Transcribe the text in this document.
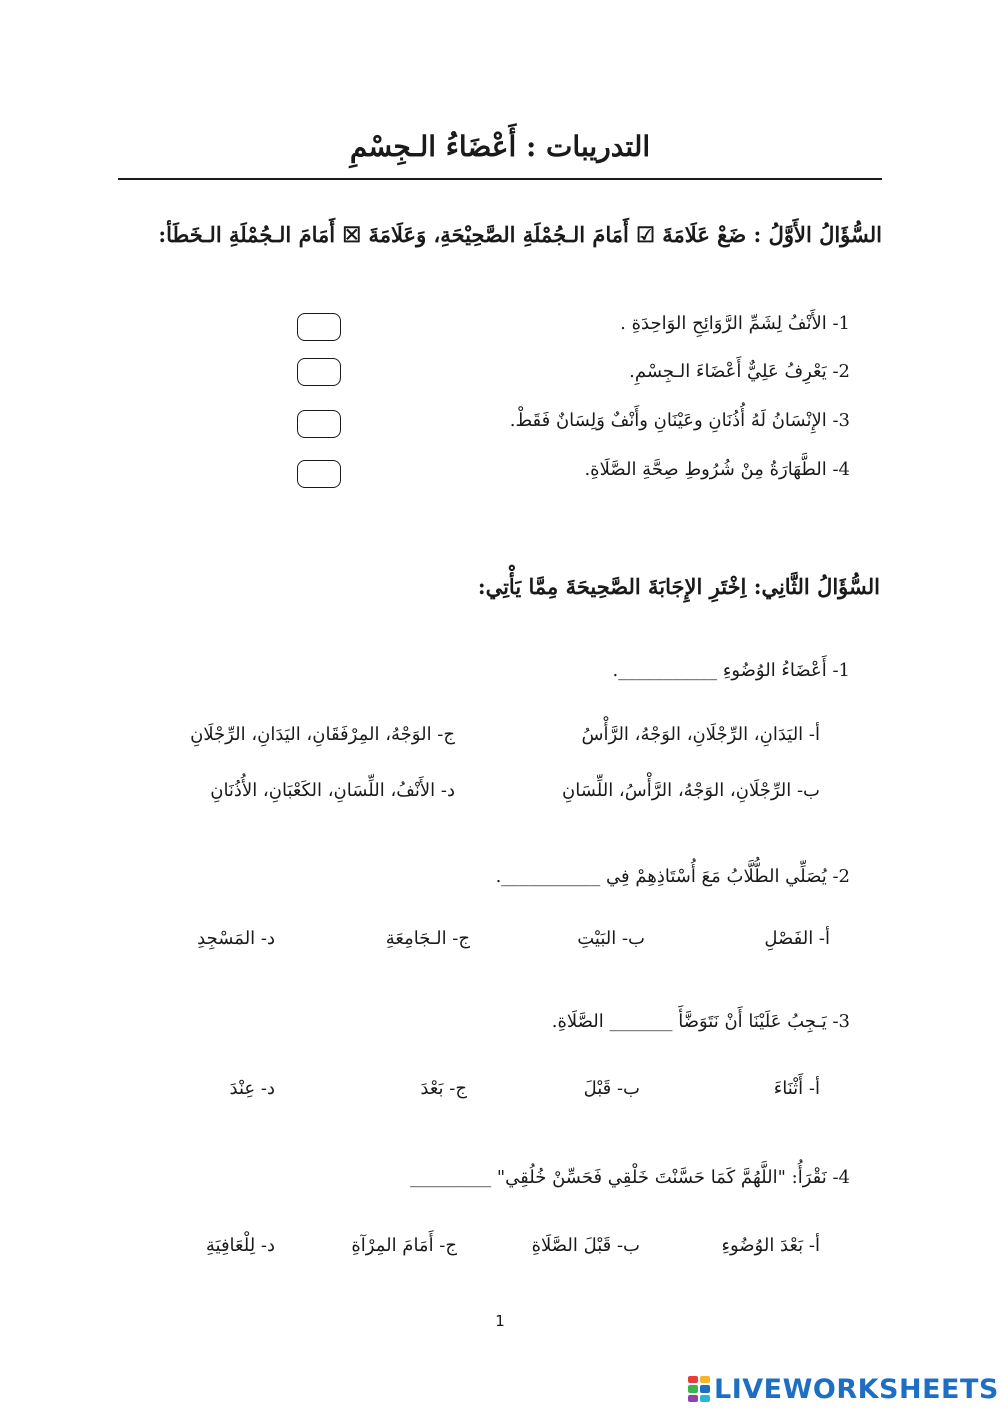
التدريبات : أَعْضَاءُ الـجِسْمِ
السُّؤَالُ الأَوَّلُ : ضَعْ عَلَامَةَ ☑ أَمَامَ الـجُمْلَةِ الصَّحِيْحَةِ، وَعَلَامَةَ ☒ أَمَامَ الـجُمْلَةِ الـخَطَأ:
1- الأَنْفُ لِشَمِّ الرَّوَائِحِ الوَاحِدَةِ .
2- يَعْرِفُ عَلِيٌّ أَعْضَاءَ الـجِسْمِ.
3- الإِنْسَانُ لَهُ أُذُنَانِ وعَيْنَانِ وأَنْفٌ وَلِسَانٌ فَقَطْ.
4- الطَّهَارَةُ مِنْ شُرُوطِ صِحَّةِ الصَّلَاةِ.
السُّؤَالُ الثَّانِي: اِخْتَرِ الإِجَابَةَ الصَّحِيحَةَ مِمَّا يَأْتِي:
1- أَعْضَاءُ الوُضُوءِ ___________.
أ- اليَدَانِ، الرِّجْلَانِ، الوَجْهُ، الرَّأْسُ
ج- الوَجْهُ، المِرْفَقَانِ، اليَدَانِ، الرِّجْلَانِ
ب- الرِّجْلَانِ، الوَجْهُ، الرَّأْسُ، اللِّسَانِ
د- الأَنْفُ، اللِّسَانِ، الكَعْبَانِ، الأُذُنَانِ
2- يُصَلِّي الطُّلَّابُ مَعَ أُسْتَاذِهِمْ فِي ___________.
أ- الفَصْلِ
ب- البَيْتِ
ج- الـجَامِعَةِ
د- المَسْجِدِ
3- يَـجِبُ عَلَيْنَا أَنْ نَتَوَضَّأَ _______ الصَّلَاةِ.
أ- أَثْنَاءَ
ب- قَبْلَ
ج- بَعْدَ
د- عِنْدَ
4- نَقْرَأُ: "اللَّهُمَّ كَمَا حَسَّنْتَ خَلْقِي فَحَسِّنْ خُلُقِي" _________
أ- بَعْدَ الوُضُوءِ
ب- قَبْلَ الصَّلَاةِ
ج- أَمَامَ المِرْآةِ
د- لِلْعَافِيَةِ
1
LIVEWORKSHEETS
